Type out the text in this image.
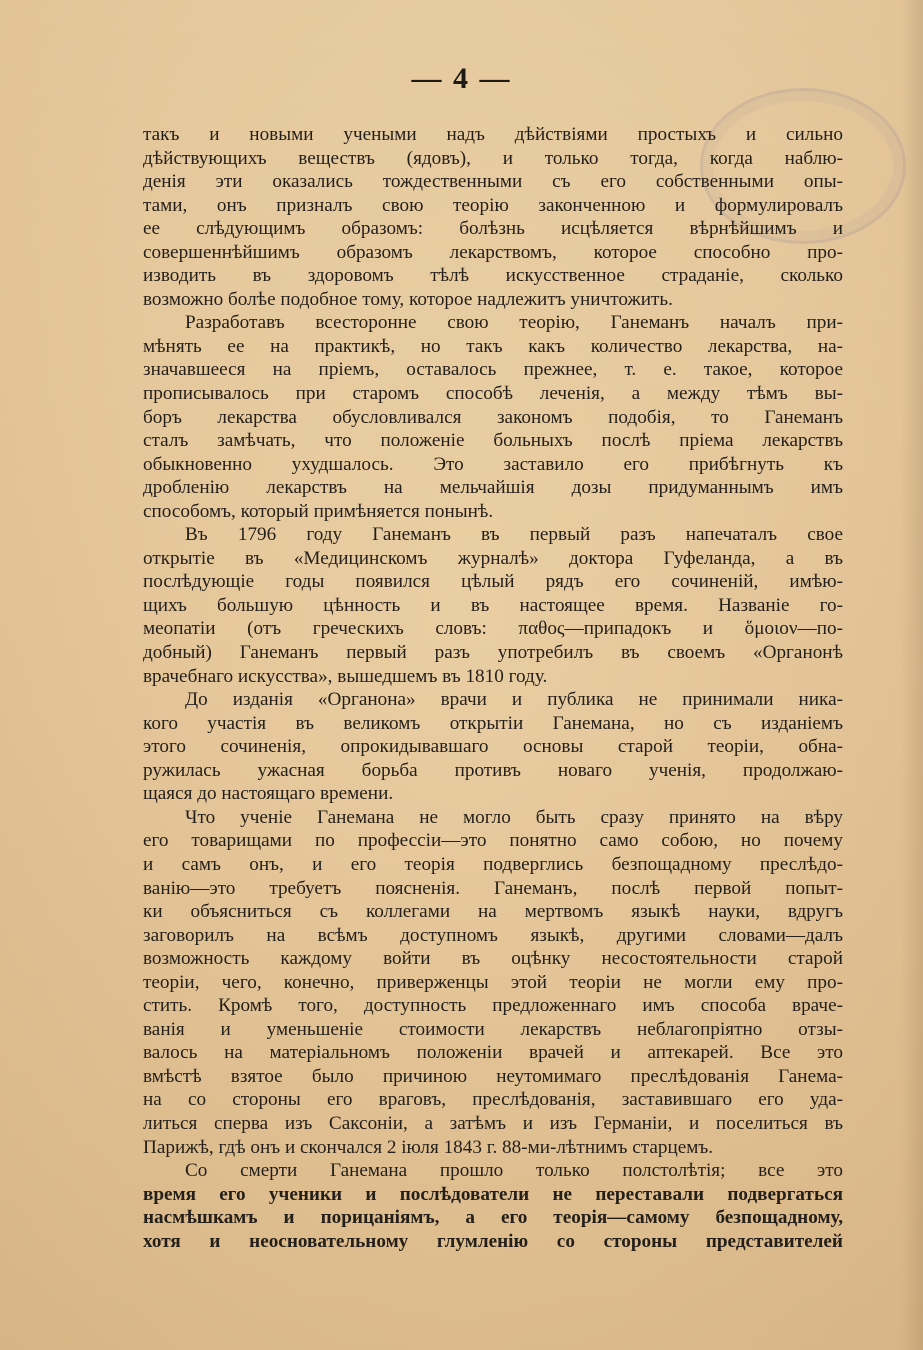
— 4 —
такъ и новыми учеными надъ дѣйствіями простыхъ и сильно
дѣйствующихъ веществъ (ядовъ), и только тогда, когда наблю-
денія эти оказались тождественными съ его собственными опы-
тами, онъ призналъ свою теорію законченною и формулировалъ
ее слѣдующимъ образомъ: болѣзнь исцѣляется вѣрнѣйшимъ и
совершеннѣйшимъ образомъ лекарствомъ, которое способно про-
изводить въ здоровомъ тѣлѣ искусственное страданіе, сколько
возможно болѣе подобное тому, которое надлежитъ уничтожить.
Разработавъ всесторонне свою теорію, Ганеманъ началъ при-
мѣнять ее на практикѣ, но такъ какъ количество лекарства, на-
значавшееся на пріемъ, оставалось прежнее, т. е. такое, которое
прописывалось при старомъ способѣ леченія, а между тѣмъ вы-
боръ лекарства обусловливался закономъ подобія, то Ганеманъ
сталъ замѣчать, что положеніе больныхъ послѣ пріема лекарствъ
обыкновенно ухудшалось. Это заставило его прибѣгнуть къ
дробленію лекарствъ на мельчайшія дозы придуманнымъ имъ
способомъ, который примѣняется понынѣ.
Въ 1796 году Ганеманъ въ первый разъ напечаталъ свое
открытіе въ «Медицинскомъ журналѣ» доктора Гуфеланда, а въ
послѣдующіе годы появился цѣлый рядъ его сочиненій, имѣю-
щихъ большую цѣнность и въ настоящее время. Названіе го-
меопатіи (отъ греческихъ словъ: παθος—припадокъ и ὅμοιον—по-
добный) Ганеманъ первый разъ употребилъ въ своемъ «Органонѣ
врачебнаго искусства», вышедшемъ въ 1810 году.
До изданія «Органона» врачи и публика не принимали ника-
кого участія въ великомъ открытіи Ганемана, но съ изданіемъ
этого сочиненія, опрокидывавшаго основы старой теоріи, обна-
ружилась ужасная борьба противъ новаго ученія, продолжаю-
щаяся до настоящаго времени.
Что ученіе Ганемана не могло быть сразу принято на вѣру
его товарищами по профессіи—это понятно само собою, но почему
и самъ онъ, и его теорія подверглись безпощадному преслѣдо-
ванію—это требуетъ поясненія. Ганеманъ, послѣ первой попыт-
ки объясниться съ коллегами на мертвомъ языкѣ науки, вдругъ
заговорилъ на всѣмъ доступномъ языкѣ, другими словами—далъ
возможность каждому войти въ оцѣнку несостоятельности старой
теоріи, чего, конечно, приверженцы этой теоріи не могли ему про-
стить. Кромѣ того, доступность предложеннаго имъ способа враче-
ванія и уменьшеніе стоимости лекарствъ неблагопріятно отзы-
валось на матеріальномъ положеніи врачей и аптекарей. Все это
вмѣстѣ взятое было причиною неутомимаго преслѣдованія Ганема-
на со стороны его враговъ, преслѣдованія, заставившаго его уда-
литься сперва изъ Саксоніи, а затѣмъ и изъ Германіи, и поселиться въ
Парижѣ, гдѣ онъ и скончался 2 іюля 1843 г. 88-ми-лѣтнимъ старцемъ.
Со смерти Ганемана прошло только полстолѣтія; все это
время его ученики и послѣдователи не переставали подвергаться
насмѣшкамъ и порицаніямъ, а его теорія—самому безпощадному,
хотя и неосновательному глумленію со стороны представителей
